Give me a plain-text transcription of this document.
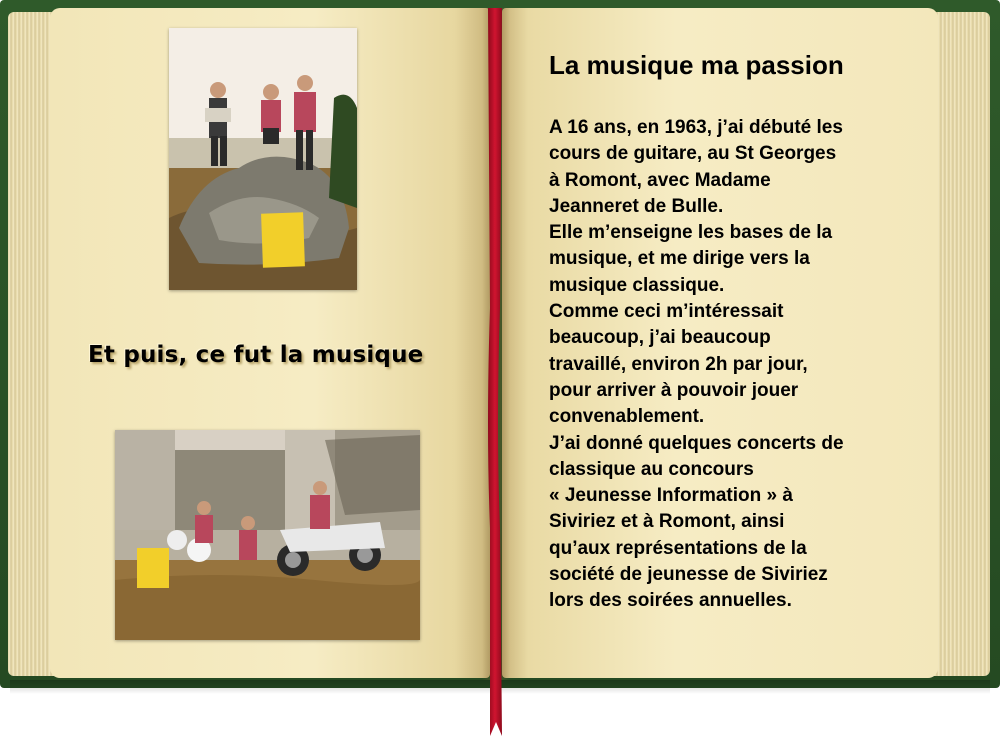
Et puis, ce fut la musique
La musique ma passion
A 16 ans, en 1963, j’ai débuté les
cours de guitare, au St Georges
à Romont, avec Madame
Jeanneret de Bulle.
Elle m’enseigne les bases de la
musique, et me dirige vers la
musique classique.
Comme ceci m’intéressait
beaucoup, j’ai beaucoup
travaillé, environ 2h par jour,
pour arriver à pouvoir jouer
convenablement.
J’ai donné quelques concerts de
classique au concours
« Jeunesse Information » à
Siviriez et à Romont, ainsi
qu’aux représentations de la
société de jeunesse de Siviriez
lors des soirées annuelles.
